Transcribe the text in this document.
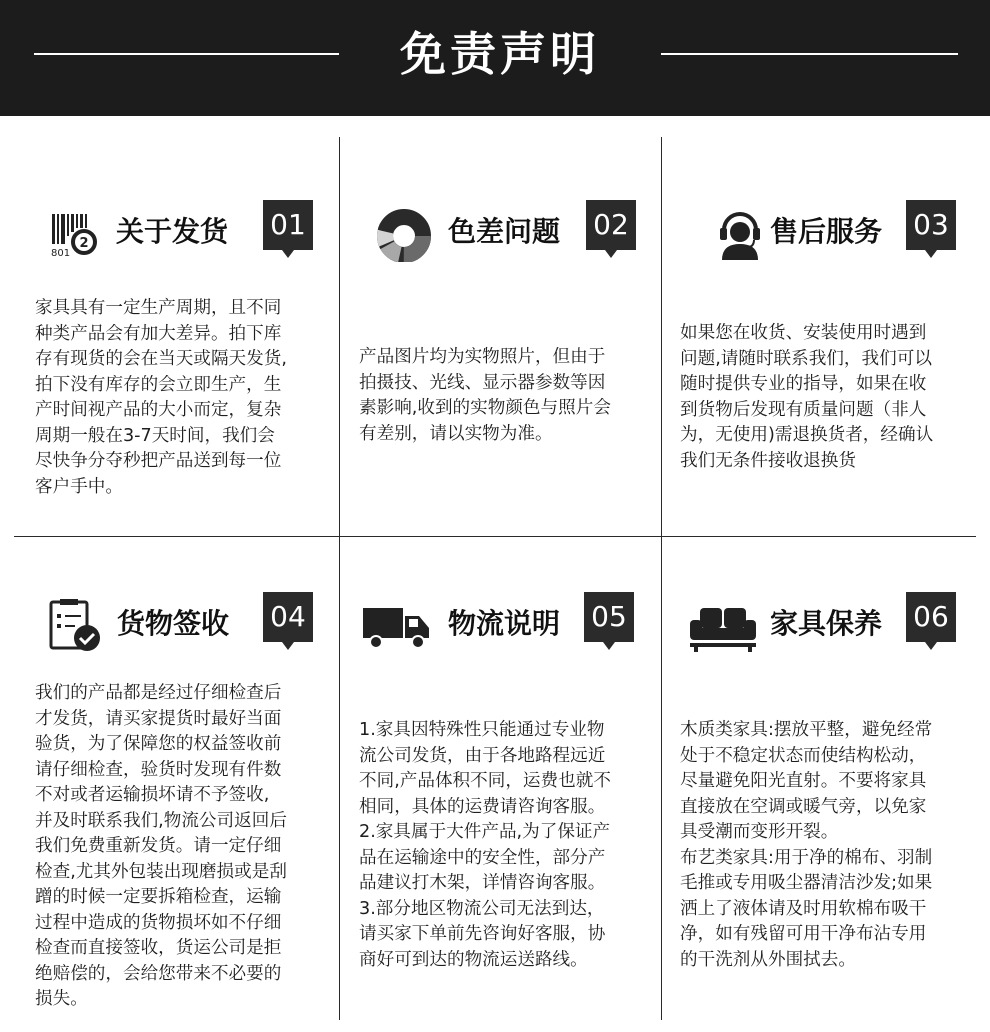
免责声明
2
801
关于发货 01
家具具有一定生产周期，且不同
种类产品会有加大差异。拍下库
存有现货的会在当天或隔天发货,
拍下没有库存的会立即生产，生
产时间视产品的大小而定，复杂
周期一般在3-7天时间，我们会
尽快争分夺秒把产品送到每一位
客户手中。
色差问题 02
产品图片均为实物照片，但由于
拍摄技、光线、显示器参数等因
素影响,收到的实物颜色与照片会
有差别，请以实物为准。
售后服务 03
如果您在收货、安装使用时遇到
问题,请随时联系我们，我们可以
随时提供专业的指导，如果在收
到货物后发现有质量问题（非人
为，无使用)需退换货者，经确认
我们无条件接收退换货
货物签收 04
我们的产品都是经过仔细检查后
才发货，请买家提货时最好当面
验货，为了保障您的权益签收前
请仔细检查，验货时发现有件数
不对或者运输损坏请不予签收,
并及时联系我们,物流公司返回后
我们免费重新发货。请一定仔细
检查,尤其外包装出现磨损或是刮
蹭的时候一定要拆箱检查，运输
过程中造成的货物损坏如不仔细
检查而直接签收，货运公司是拒
绝赔偿的，会给您带来不必要的
损失。
物流说明 05
1.家具因特殊性只能通过专业物
流公司发货，由于各地路程远近
不同,产品体积不同，运费也就不
相同，具体的运费请咨询客服。
2.家具属于大件产品,为了保证产
品在运输途中的安全性，部分产
品建议打木架，详情咨询客服。
3.部分地区物流公司无法到达，
请买家下单前先咨询好客服，协
商好可到达的物流运送路线。
家具保养 06
木质类家具:摆放平整，避免经常
处于不稳定状态而使结构松动，
尽量避免阳光直射。不要将家具
直接放在空调或暖气旁，以免家
具受潮而变形开裂。
布艺类家具:用于净的棉布、羽制
毛推或专用吸尘器清洁沙发;如果
洒上了液体请及时用软棉布吸干
净，如有残留可用干净布沾专用
的干洗剂从外围拭去。
